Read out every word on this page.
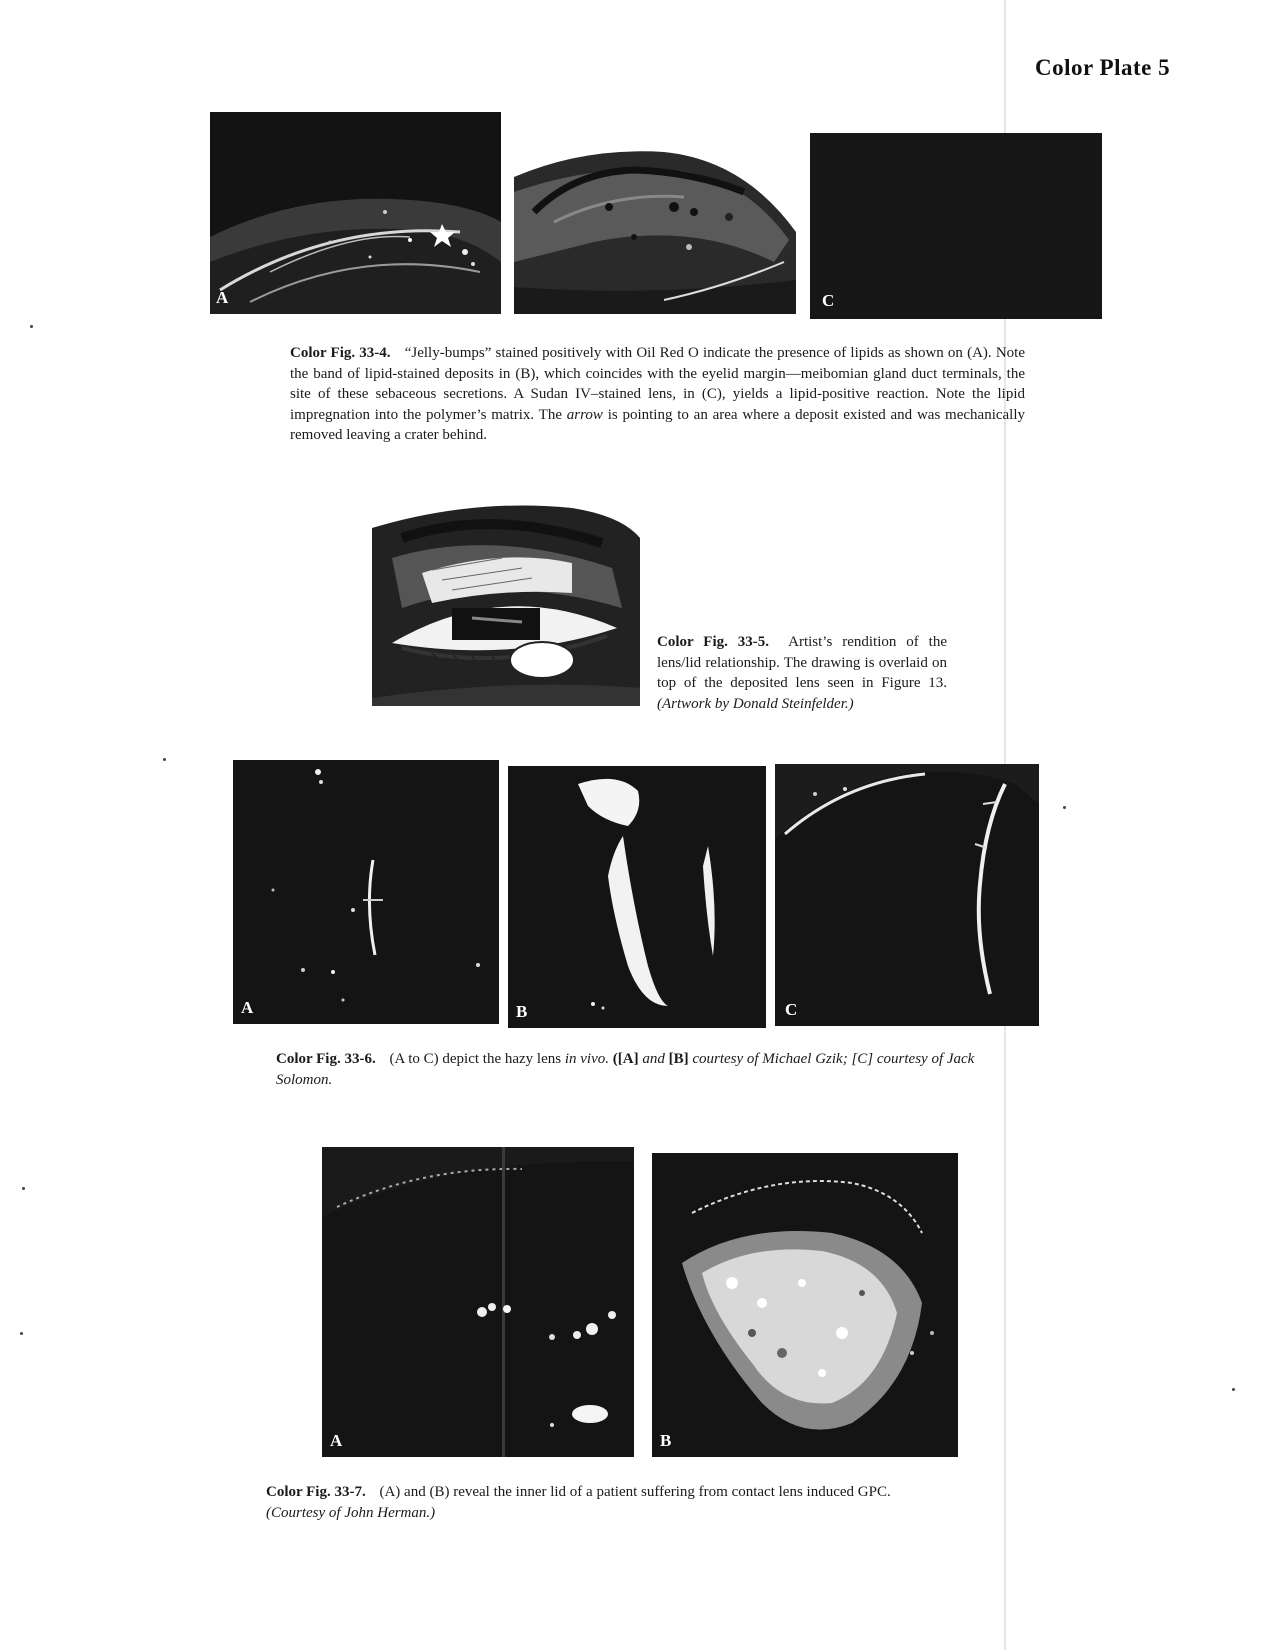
Color Plate 5
A	C
Color Fig. 33-4. “Jelly-bumps” stained positively with Oil Red O indicate the presence of lipids as shown on (A). Note the band of lipid-stained deposits in (B), which coincides with the eyelid margin—meibomian gland duct terminals, the site of these sebaceous secretions. A Sudan IV–stained lens, in (C), yields a lipid-positive reaction. Note the lipid impregnation into the polymer’s matrix. The arrow is pointing to an area where a deposit existed and was mechanically removed leaving a crater behind.
Color Fig. 33-5. Artist’s rendition of the lens/lid relationship. The drawing is overlaid on top of the deposited lens seen in Figure 13. (Artwork by Donald Steinfelder.)
A	B	C
Color Fig. 33-6. (A to C) depict the hazy lens in vivo. ([A] and [B] courtesy of Michael Gzik; [C] courtesy of Jack Solomon.
A	B
Color Fig. 33-7. (A) and (B) reveal the inner lid of a patient suffering from contact lens induced GPC.
(Courtesy of John Herman.)
